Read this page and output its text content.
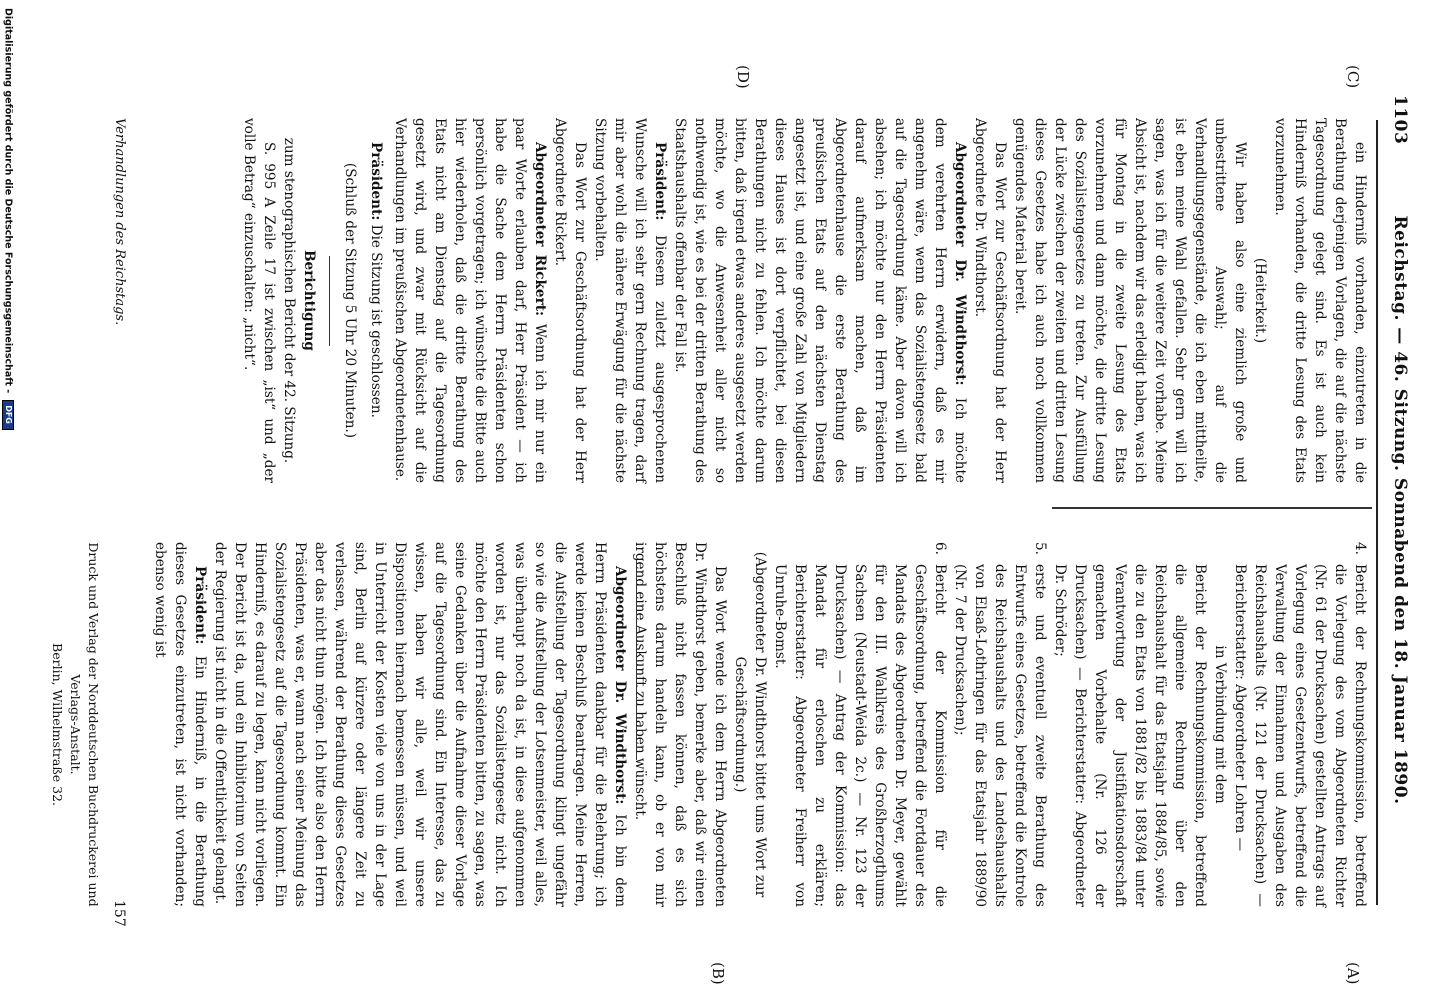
(C)
(D)
(A)
(B)
1103
Reichstag. — 46. Sitzung. Sonnabend den 18. Januar 1890.

ein Hinderniß vorhanden, einzutreten in die Berathung derjenigen Vorlagen, die auf die nächste Tagesordnung gelegt sind. Es ist auch kein Hinderniß vorhanden, die dritte Lesung des Etats vorzunehmen.

(Heiterkeit.)

Wir haben also eine ziemlich große und unbestrittene Auswahl; auf die Verhandlungsgegenstände, die ich eben mittheilte, ist eben meine Wahl gefallen. Sehr gern will ich sagen, was ich für die weitere Zeit vorhabe. Meine Absicht ist, nachdem wir das erledigt haben, was ich für Montag in die zweite Lesung des Etats vorzunehmen und dann möchte, die dritte Lesung des Sozialistengesetzes zu treten. Zur Ausfüllung der Lücke zwischen der zweiten und dritten Lesung dieses Gesetzes habe ich auch noch vollkommen genügendes Material bereit.

Das Wort zur Geschäftsordnung hat der Herr Abgeordnete Dr. Windthorst.

Abgeordneter Dr. Windthorst: Ich möchte dem verehrten Herrn erwidern, daß es mir angenehm wäre, wenn das Sozialistengesetz bald auf die Tagesordnung käme. Aber davon will ich absehen; ich möchte nur den Herrn Präsidenten darauf aufmerksam machen, daß im Abgeordnetenhause die erste Berathung des preußischen Etats auf den nächsten Dienstag angesetzt ist, und eine große Zahl von Mitgliedern dieses Hauses ist dort verpflichtet, bei diesen Berathungen nicht zu fehlen. Ich möchte darum bitten, daß irgend etwas anderes ausgesetzt werden möchte, wo die Anwesenheit aller nicht so nothwendig ist, wie es bei der dritten Berathung des Staatshaushalts offenbar der Fall ist.

Präsident: Diesem zuletzt ausgesprochenen Wunsche will ich sehr gern Rechnung tragen, darf mir aber wohl die nähere Erwägung für die nächste Sitzung vorbehalten.

Das Wort zur Geschäftsordnung hat der Herr Abgeordnete Rickert.

Abgeordneter Rickert: Wenn ich mir nur ein paar Worte erlauben darf, Herr Präsident — ich habe die Sache dem Herrn Präsidenten schon persönlich vorgetragen; ich wünschte die Bitte auch hier wiederholen, daß die dritte Berathung des Etats nicht am Dienstag auf die Tagesordnung gesetzt wird, und zwar mit Rücksicht auf die Verhandlungen im preußischen Abgeordnetenhause.

Präsident: Die Sitzung ist geschlossen.

(Schluß der Sitzung 5 Uhr 20 Minuten.)

Berichtigung

zum stenographischen Bericht der 42. Sitzung.

S. 995 A Zeile 17 ist zwischen „ist“ und „der volle Betrag“ einzuschalten: „nicht“.

4.Bericht der Rechnungskommission, betreffend die Vorlegung des vom Abgeordneten Richter (Nr. 61 der Drucksachen) gestellten Antrags auf Vorlegung eines Gesetzentwurfs, betreffend die Verwaltung der Einnahmen und Ausgaben des Reichshaushalts (Nr. 121 der Drucksachen) — Berichterstatter: Abgeordneter Lohren —

in Verbindung mit dem

Bericht der Rechnungskommission, betreffend die allgemeine Rechnung über den Reichshaushalt für das Etatsjahr 1884/85, sowie die zu den Etats von 1881/82 bis 1883/84 unter Verantwortung der Justifikationsdorschaft gemachten Vorbehalte (Nr. 126 der Drucksachen) — Berichterstatter: Abgeordneter Dr. Schröder;

5.erste und eventuell zweite Berathung des Entwurfs eines Gesetzes, betreffend die Kontrole des Reichshaushalts und des Landeshaushalts von Elsaß-Lothringen für das Etatsjahr 1889/90 (Nr. 7 der Drucksachen);

6.Bericht der Kommission für die Geschäftsordnung, betreffend die Fortdauer des Mandats des Abgeordneten Dr. Meyer, gewählt für den III. Wahlkreis des Großherzogthums Sachsen (Neustadt-Weida 2c.) — Nr. 123 der Drucksachen) — Antrag der Kommission: das Mandat für erloschen zu erklären; Berichterstatter: Abgeordneter Freiherr von Unruhe-Bomst.

(Abgeordneter Dr. Windthorst bittet ums Wort zur Geschäftsordnung.)

Das Wort wende ich dem Herrn Abgeordneten Dr. Windthorst geben, bemerke aber, daß wir einen Beschluß nicht fassen können, daß es sich höchstens darum handeln kann, ob er von mir irgend eine Auskunft zu haben wünscht.

Abgeordneter Dr. Windthorst: Ich bin dem Herrn Präsidenten dankbar für die Belehrung; ich werde keinen Beschluß beantragen. Meine Herren, die Aufstellung der Tagesordnung klingt ungefähr so wie die Aufstellung der Lotsenmeister, weil alles, was überhaupt noch da ist, in diese aufgenommen worden ist, nur das Sozialistengesetz nicht. Ich möchte den Herrn Präsidenten bitten, zu sagen, was seine Gedanken über die Aufnahme dieser Vorlage auf die Tagesordnung sind. Ein Interesse, das zu wissen, haben wir alle, weil wir unsere Dispositionen hiernach bemessen müssen, und weil in Unterricht der Kosten viele von uns in der Lage sind, Berlin auf kürzere oder längere Zeit zu verlassen, während der Berathung dieses Gesetzes aber das nicht thun mögen. Ich bitte also den Herrn Präsidenten, was er, wann nach seiner Meinung das Sozialistengesetz auf die Tagesordnung kommt. Ein Hinderniß, es darauf zu legen, kann nicht vorliegen. Der Bericht ist da, und ein Inhibitorium von Seiten der Regierung ist nicht in die Offentlichkeit gelangt.

Präsident: Ein Hinderniß, in die Berathung dieses Gesetzes einzutreten, ist nicht vorhanden; ebenso wenig ist

Verhandlungen des Reichstags.
Druck und Verlag der Norddeutschen Buchdruckerei und Verlags-Anstalt.
Berlin, Wilhelmstraße 32.
157
Digitalisierung gefördert durch die Deutsche Forschungsgemeinschaft - DFG
